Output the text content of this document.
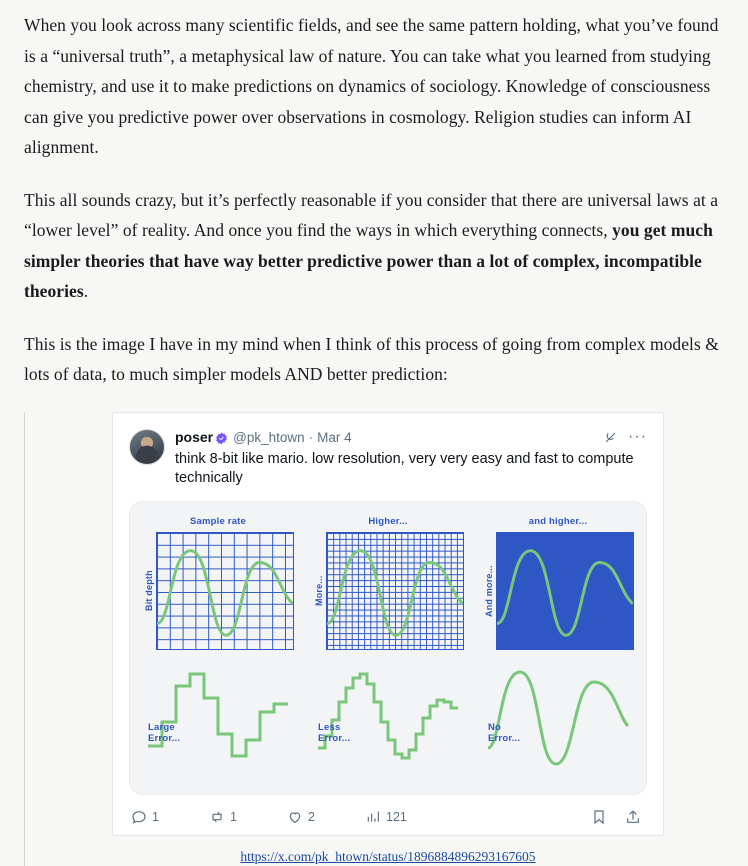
When you look across many scientific fields, and see the same pattern holding, what you’ve found is a “universal truth”, a metaphysical law of nature. You can take what you learned from studying chemistry, and use it to make predictions on dynamics of sociology. Knowledge of consciousness can give you predictive power over observations in cosmology. Religion studies can inform AI alignment.

This all sounds crazy, but it’s perfectly reasonable if you consider that there are universal laws at a “lower level” of reality. And once you find the ways in which everything connects, you get much simpler theories that have way better predictive power than a lot of complex, incompatible theories.

This is the image I have in my mind when I think of this process of going from complex models & lots of data, to much simpler models AND better prediction:

poser @pk_htown · Mar 4	···
think 8-bit like mario. low resolution, very very easy and fast to compute technically
Sample rate
Bit depth
Higher...
More...
and higher...
And more...
Large
Error...
Less
Error...
No
Error...
1	1	2	121
https://x.com/pk_htown/status/1896884896293167605
